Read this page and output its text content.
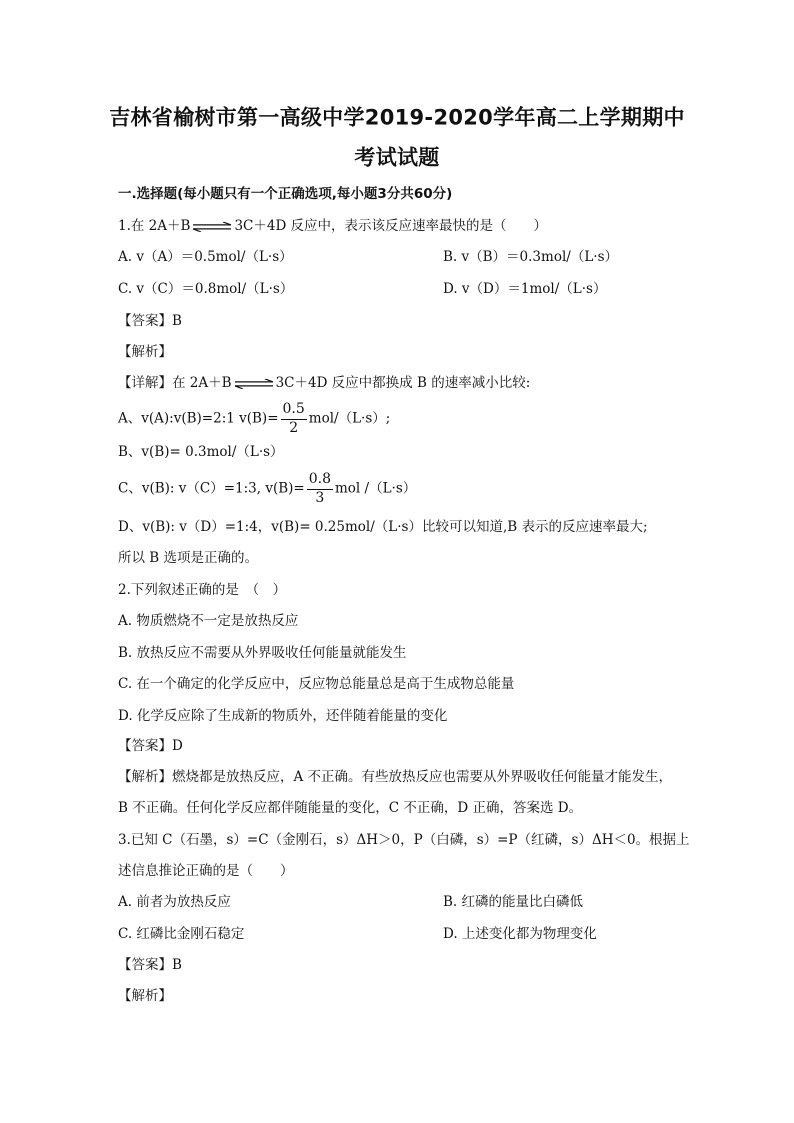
吉林省榆树市第一高级中学2019-2020学年高二上学期期中
考试试题
一.选择题(每小题只有一个正确选项,每小题3分共60分)
1.在 2A＋B⇌3C＋4D 反应中，表示该反应速率最快的是（　　）
A. v（A）＝0.5mol/（L·s）	B. v（B）＝0.3mol/（L·s）
C. v（C）＝0.8mol/（L·s）	D. v（D）＝1mol/（L·s）
【答案】B
【解析】
【详解】在 2A＋B⇌3C＋4D 反应中都换成 B 的速率减小比较:
A、v(A):v(B)=2:1 $v(B)= \frac{0.5}{2} mol/(L\cdot s)$;
B、v(B)= 0.3mol/（L·s）
C、v(B): v（C）=1:3, $v(B)= \frac{0.8}{3}$ mol /（L·s）
D、v(B): v（D）=1:4，v(B)= 0.25mol/（L·s）比较可以知道,B 表示的反应速率最大;
所以 B 选项是正确的。
2.下列叙述正确的是　（　）
A. 物质燃烧不一定是放热反应
B. 放热反应不需要从外界吸收任何能量就能发生
C. 在一个确定的化学反应中，反应物总能量总是高于生成物总能量
D. 化学反应除了生成新的物质外，还伴随着能量的变化
【答案】D
【解析】燃烧都是放热反应，A 不正确。有些放热反应也需要从外界吸收任何能量才能发生，
B 不正确。任何化学反应都伴随能量的变化，C 不正确，D 正确，答案选 D。
3.已知 C（石墨，s）=C（金刚石，s）ΔH＞0，P（白磷，s）=P（红磷，s）ΔH＜0。根据上
述信息推论正确的是（　　）
A. 前者为放热反应	B. 红磷的能量比白磷低
C. 红磷比金刚石稳定	D. 上述变化都为物理变化
【答案】B
【解析】
